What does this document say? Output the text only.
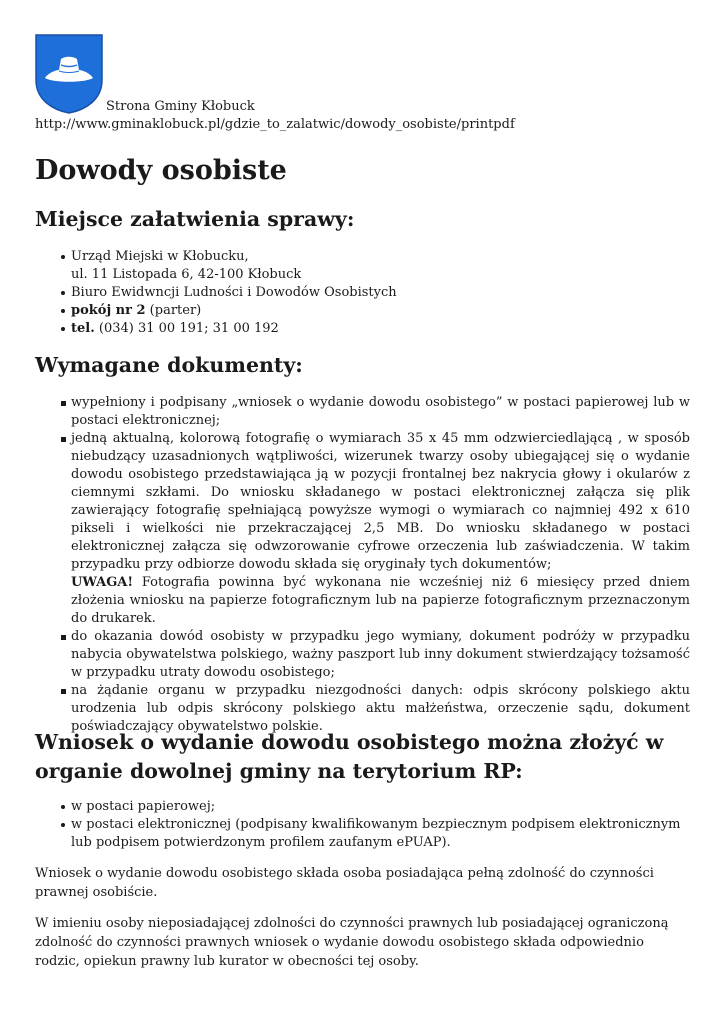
Strona Gminy Kłobuck
http://www.gminaklobuck.pl/gdzie_to_zalatwic/dowody_osobiste/printpdf
Dowody osobiste
Miejsce załatwienia sprawy:
Urząd Miejski w Kłobucku,
ul. 11 Listopada 6, 42-100 Kłobuck
Biuro Ewidwncji Ludności i Dowodów Osobistych
pokój nr 2 (parter)
tel. (034) 31 00 191; 31 00 192
Wymagane dokumenty:
wypełniony i podpisany „wniosek o wydanie dowodu osobistego” w postaci papierowej lub w postaci elektronicznej;
jedną aktualną, kolorową fotografię o wymiarach 35 x 45 mm odzwierciedlającą , w sposób niebudzący uzasadnionych wątpliwości, wizerunek twarzy osoby ubiegającej się o wydanie dowodu osobistego przedstawiająca ją w pozycji frontalnej bez nakrycia głowy i okularów z ciemnymi szkłami. Do wniosku składanego w postaci elektronicznej załącza się plik zawierający fotografię spełniającą powyższe wymogi o wymiarach co najmniej 492 x 610 pikseli i wielkości nie przekraczającej 2,5 MB. Do wniosku składanego w postaci elektronicznej załącza się odwzorowanie cyfrowe orzeczenia lub zaświadczenia. W takim przypadku przy odbiorze dowodu składa się oryginały tych dokumentów;
UWAGA! Fotografia powinna być wykonana nie wcześniej niż 6 miesięcy przed dniem złożenia wniosku na papierze fotograficznym lub na papierze fotograficznym przeznaczonym do drukarek.
do okazania dowód osobisty w przypadku jego wymiany, dokument podróży w przypadku nabycia obywatelstwa polskiego, ważny paszport lub inny dokument stwierdzający tożsamość w przypadku utraty dowodu osobistego;
na żądanie organu w przypadku niezgodności danych: odpis skrócony polskiego aktu urodzenia lub odpis skrócony polskiego aktu małżeństwa, orzeczenie sądu, dokument poświadczający obywatelstwo polskie.
Wniosek o wydanie dowodu osobistego można złożyć w organie dowolnej gminy na terytorium RP:
w postaci papierowej;
w postaci elektronicznej (podpisany kwalifikowanym bezpiecznym podpisem elektronicznym lub podpisem potwierdzonym profilem zaufanym ePUAP).

Wniosek o wydanie dowodu osobistego składa osoba posiadająca pełną zdolność do czynności prawnej osobiście.

W imieniu osoby nieposiadającej zdolności do czynności prawnych lub posiadającej ograniczoną zdolność do czynności prawnych wniosek o wydanie dowodu osobistego składa odpowiednio rodzic, opiekun prawny lub kurator w obecności tej osoby.
